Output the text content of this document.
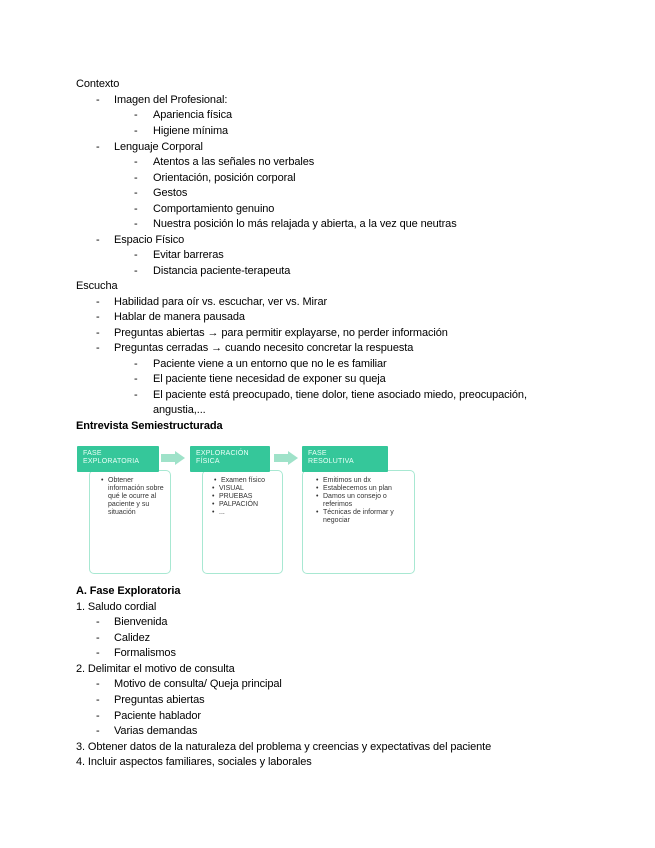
Contexto
- Imagen del Profesional:
- Apariencia física
- Higiene mínima
- Lenguaje Corporal
- Atentos a las señales no verbales
- Orientación, posición corporal
- Gestos
- Comportamiento genuino
- Nuestra posición lo más relajada y abierta, a la vez que neutras
- Espacio Físico
- Evitar barreras
- Distancia paciente-terapeuta
Escucha
- Habilidad para oír vs. escuchar, ver vs. Mirar
- Hablar de manera pausada
- Preguntas abiertas → para permitir explayarse, no perder información
- Preguntas cerradas → cuando necesito concretar la respuesta
- Paciente viene a un entorno que no le es familiar
- El paciente tiene necesidad de exponer su queja
- El paciente está preocupado, tiene dolor, tiene asociado miedo, preocupación, angustia,...
Entrevista Semiestructurada
• Obtener información sobre qué le ocurre al paciente y su situación
FASE
EXPLORATORIA
• Examen físico
• VISUAL
• PRUEBAS
• PALPACIÓN
• ...
EXPLORACIÓN
FÍSICA
• Emitimos un dx
• Establecemos un plan
• Damos un consejo o referimos
• Técnicas de informar y negociar
FASE
RESOLUTIVA
A. Fase Exploratoria
1. Saludo cordial
- Bienvenida
- Calidez
- Formalismos
2. Delimitar el motivo de consulta
- Motivo de consulta/ Queja principal
- Preguntas abiertas
- Paciente hablador
- Varias demandas
3. Obtener datos de la naturaleza del problema y creencias y expectativas del paciente
4. Incluir aspectos familiares, sociales y laborales
